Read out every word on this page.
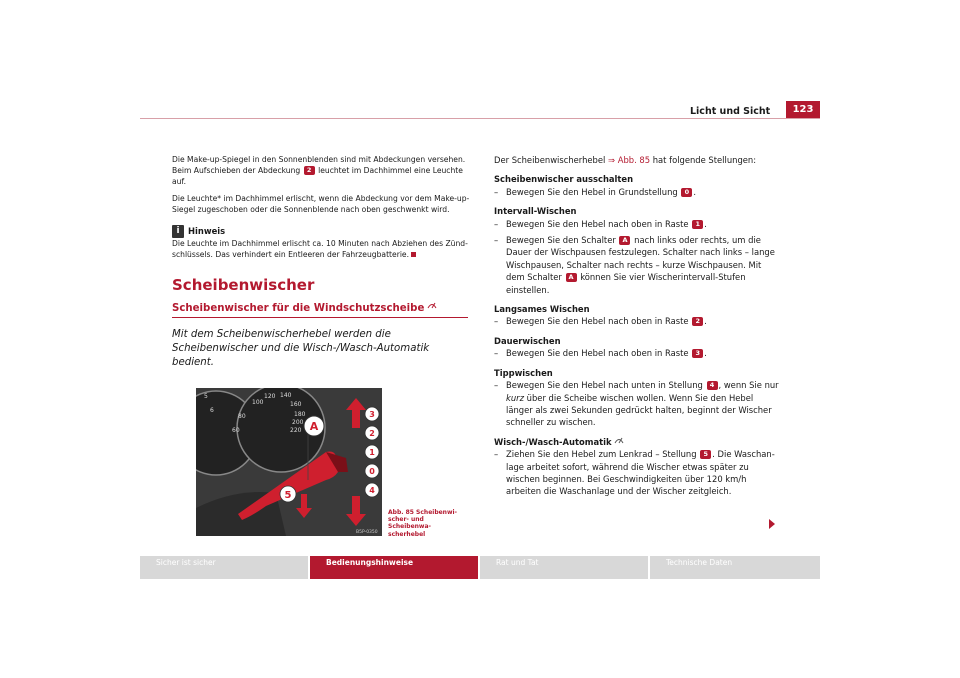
Licht und Sicht	123

Die Make-up-Spiegel in den Sonnenblenden sind mit Abdeckungen versehen. Beim Aufschieben der Abdeckung 2 leuchtet im Dachhimmel eine Leuchte auf.

Die Leuchte* im Dachhimmel erlischt, wenn die Abdeckung vor dem Make-up-Siegel zugeschoben oder die Sonnenblende nach oben geschwenkt wird.

i	Hinweis

Die Leuchte im Dachhimmel erlischt ca. 10 Minuten nach Abziehen des Zünd-schlüssels. Das verhindert ein Entleeren der Fahrzeugbatterie.

Scheibenwischer
Scheibenwischer für die Windschutzscheibe
Mit dem Scheibenwischerhebel werden die Scheibenwischer und die Wisch-/Wasch-Automatik bedient.
5
6
80
100
120 140
160
180
200
220
60	A
3
2
1
0
4
5
B5P-0350
Abb. 85 Scheibenwi-scher- und Scheibenwa-scherhebel

Der Scheibenwischerhebel ⇒ Abb. 85 hat folgende Stellungen:

Scheibenwischer ausschalten
– Bewegen Sie den Hebel in Grundstellung 0 .
Intervall-Wischen
– Bewegen Sie den Hebel nach oben in Raste 1 .
– Bewegen Sie den Schalter A nach links oder rechts, um die Dauer der Wischpausen festzulegen. Schalter nach links – lange Wischpausen, Schalter nach rechts – kurze Wischpausen. Mit dem Schalter A können Sie vier Wischerintervall-Stufen einstellen.
Langsames Wischen
– Bewegen Sie den Hebel nach oben in Raste 2 .
Dauerwischen
– Bewegen Sie den Hebel nach oben in Raste 3 .
Tippwischen
– Bewegen Sie den Hebel nach unten in Stellung 4 , wenn Sie nur kurz über die Scheibe wischen wollen. Wenn Sie den Hebel länger als zwei Sekunden gedrückt halten, beginnt der Wischer schneller zu wischen.
Wisch-/Wasch-Automatik
– Ziehen Sie den Hebel zum Lenkrad – Stellung 5 . Die Waschan-lage arbeitet sofort, während die Wischer etwas später zu wischen beginnen. Bei Geschwindigkeiten über 120 km/h arbeiten die Waschanlage und der Wischer zeitgleich.
Sicher ist sicher	Bedienungshinweise	Rat und Tat	Technische Daten
